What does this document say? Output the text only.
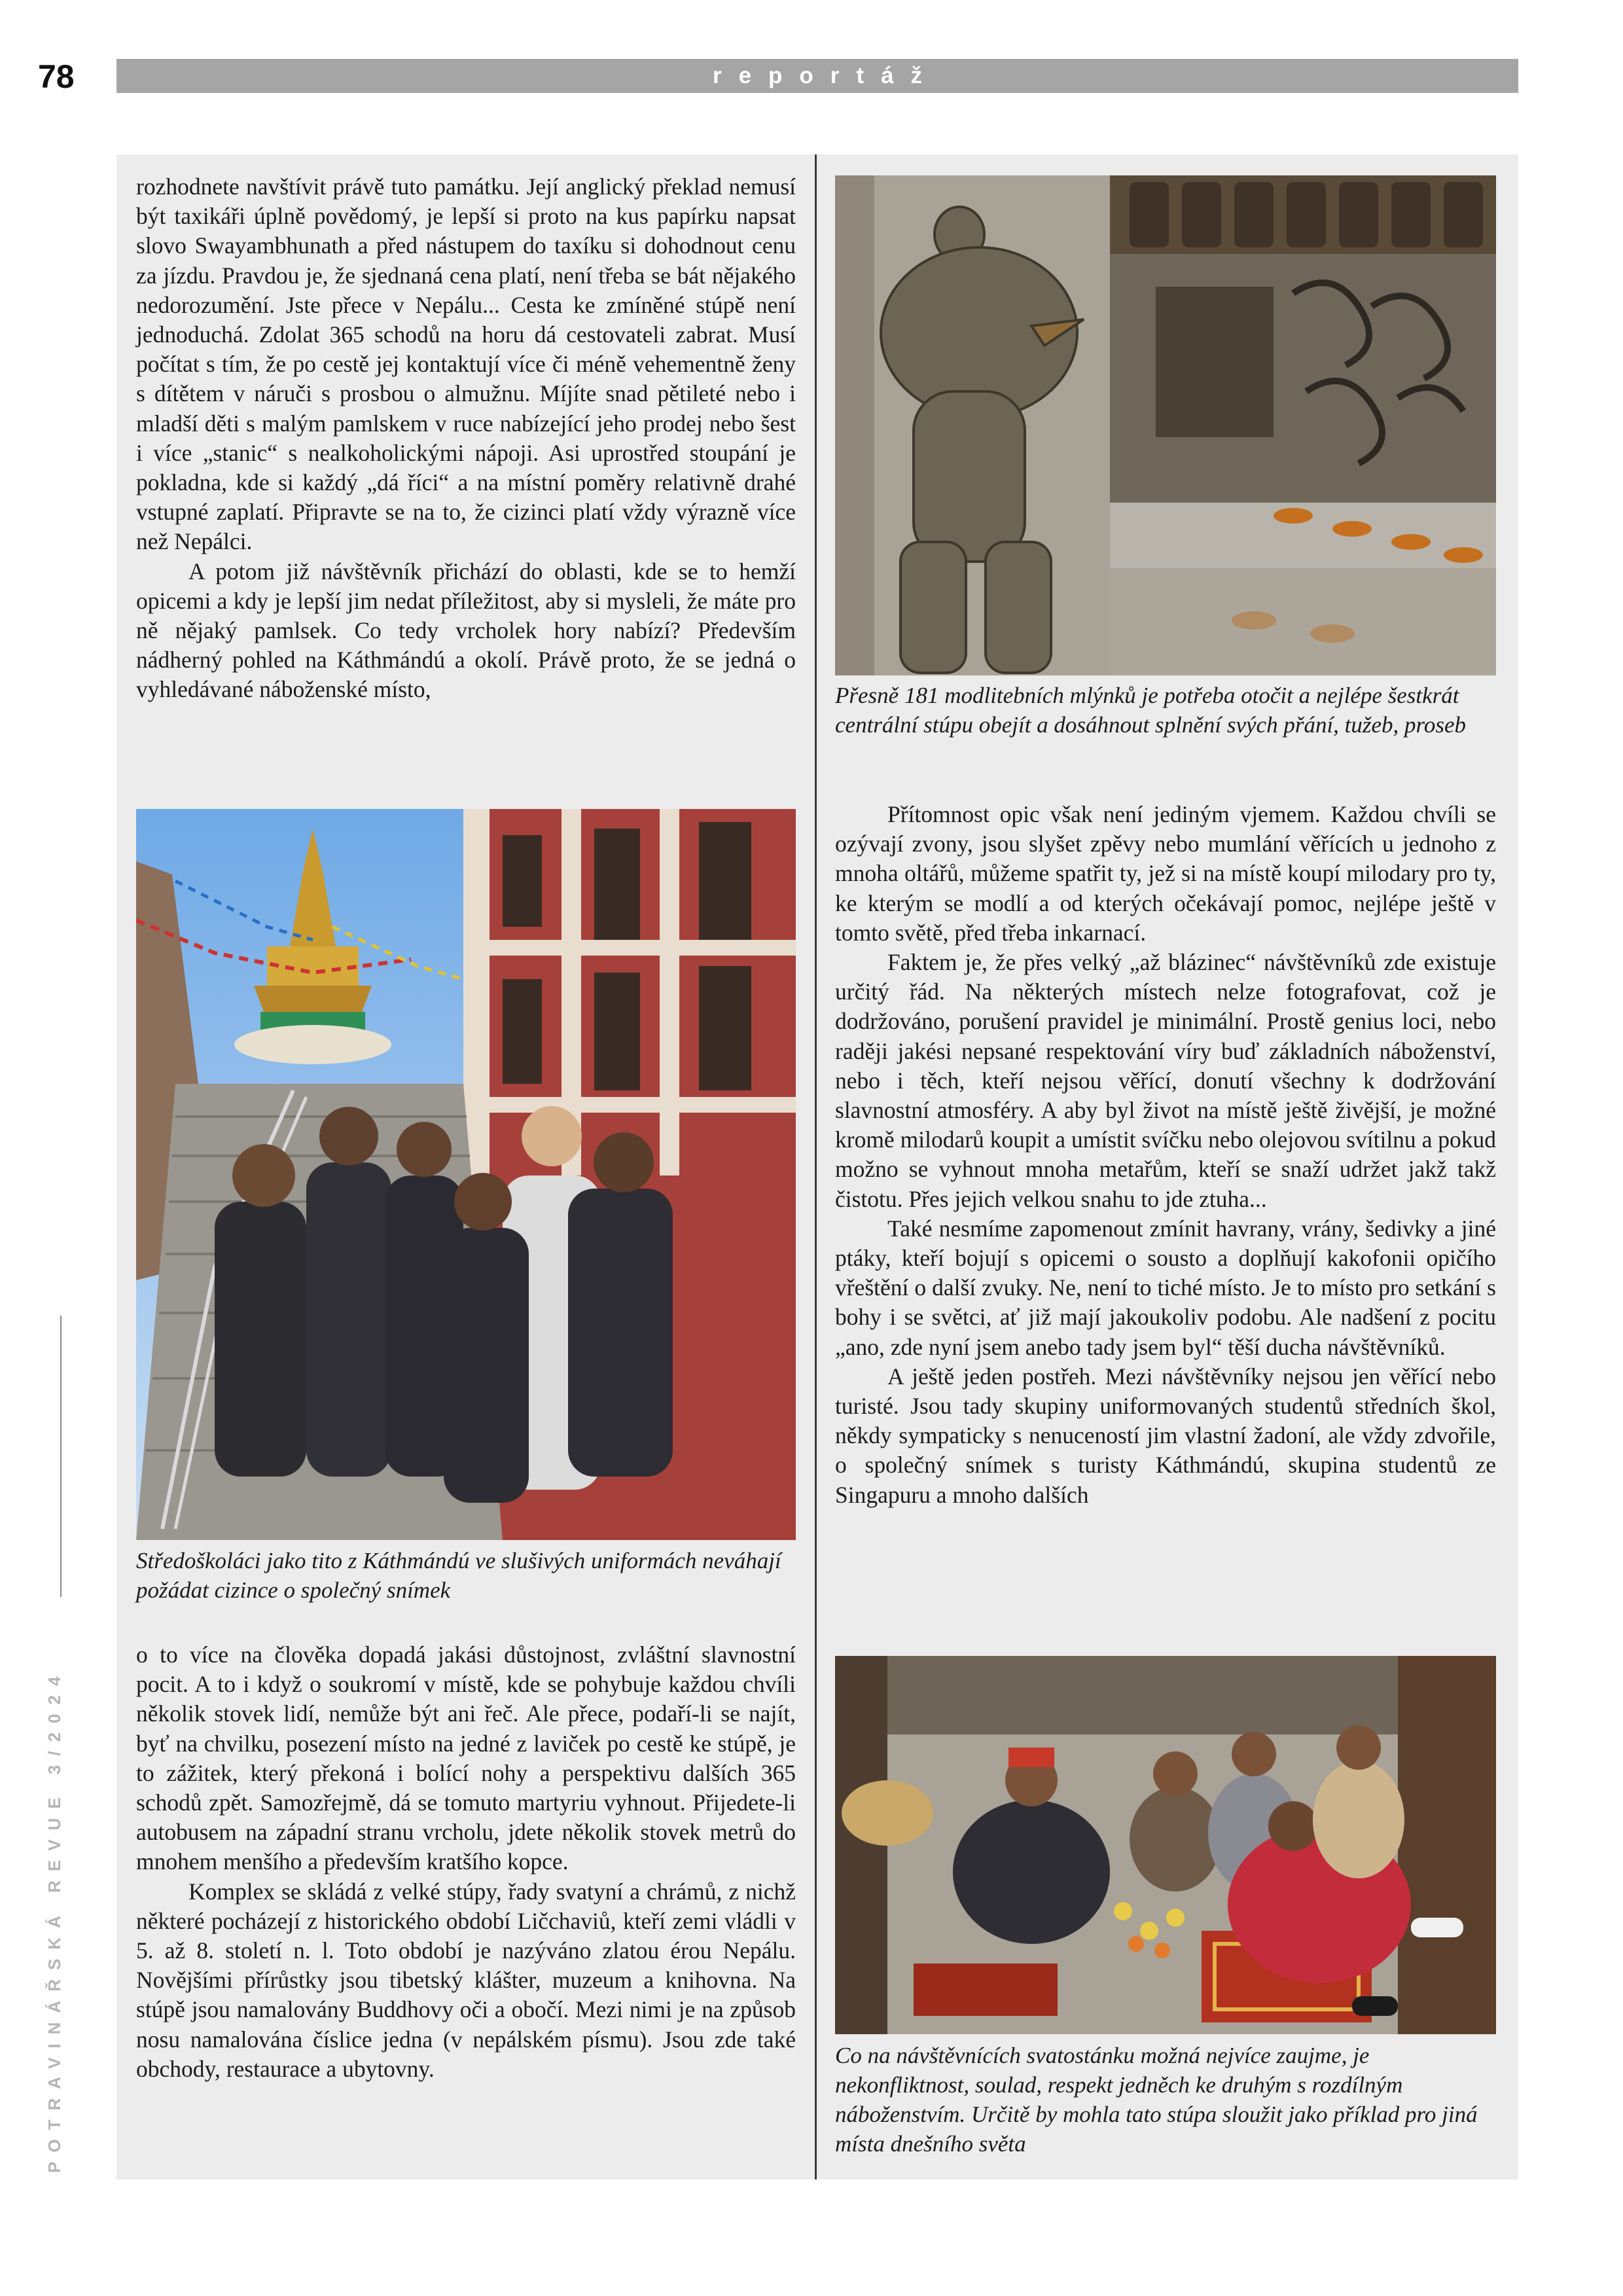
78	reportáž
POTRAVINÁŘSKÁ REVUE 3/2024

rozhodnete navštívit právě tuto památku. Její anglický překlad nemusí být taxikáři úplně povědomý, je lepší si proto na kus papírku napsat slovo Swayambhunath a před nástupem do taxíku si dohodnout cenu za jízdu. Pravdou je, že sjednaná cena platí, není třeba se bát nějakého nedorozumění. Jste přece v Nepálu... Cesta ke zmíněné stúpě není jednoduchá. Zdolat 365 schodů na horu dá cestovateli zabrat. Musí počítat s tím, že po cestě jej kontaktují více či méně vehementně ženy s dítětem v náruči s prosbou o almužnu. Míjíte snad pětileté nebo i mladší děti s malým pamlskem v ruce nabízející jeho prodej nebo šest i více „stanic“ s nealkoholickými nápoji. Asi uprostřed stoupání je pokladna, kde si každý „dá říci“ a na místní poměry relativně drahé vstupné zaplatí. Připravte se na to, že cizinci platí vždy výrazně více než Nepálci.

A potom již návštěvník přichází do oblasti, kde se to hemží opicemi a kdy je lepší jim nedat příležitost, aby si mysleli, že máte pro ně nějaký pamlsek. Co tedy vrcholek hory nabízí? Především nádherný pohled na Káthmándú a okolí. Právě proto, že se jedná o vyhledávané náboženské místo,

Středoškoláci jako tito z Káthmándú ve slušivých uniformách neváhají požádat cizince o společný snímek

o to více na člověka dopadá jakási důstojnost, zvláštní slavnostní pocit. A to i když o soukromí v místě, kde se pohybuje každou chvíli několik stovek lidí, nemůže být ani řeč. Ale přece, podaří-li se najít, byť na chvilku, posezení místo na jedné z laviček po cestě ke stúpě, je to zážitek, který překoná i bolící nohy a perspektivu dalších 365 schodů zpět. Samozřejmě, dá se tomuto martyriu vyhnout. Přijedete-li autobusem na západní stranu vrcholu, jdete několik stovek metrů do mnohem menšího a především kratšího kopce.

Komplex se skládá z velké stúpy, řady svatyní a chrámů, z nichž některé pocházejí z historického období Ličchaviů, kteří zemi vládli v 5. až 8. století n. l. Toto období je nazýváno zlatou érou Nepálu. Novějšími přírůstky jsou tibetský klášter, muzeum a knihovna. Na stúpě jsou namalovány Buddhovy oči a obočí. Mezi nimi je na způsob nosu namalována číslice jedna (v nepálském písmu). Jsou zde také obchody, restaurace a ubytovny.

Přesně 181 modlitebních mlýnků je potřeba otočit a nejlépe šestkrát centrální stúpu obejít a dosáhnout splnění svých přání, tužeb, proseb

Přítomnost opic však není jediným vjemem. Každou chvíli se ozývají zvony, jsou slyšet zpěvy nebo mumlání věřících u jednoho z mnoha oltářů, můžeme spatřit ty, jež si na místě koupí milodary pro ty, ke kterým se modlí a od kterých očekávají pomoc, nejlépe ještě v tomto světě, před třeba inkarnací.

Faktem je, že přes velký „až blázinec“ návštěvníků zde existuje určitý řád. Na některých místech nelze fotografovat, což je dodržováno, porušení pravidel je minimální. Prostě genius loci, nebo raději jakési nepsané respektování víry buď základních náboženství, nebo i těch, kteří nejsou věřící, donutí všechny k dodržování slavnostní atmosféry. A aby byl život na místě ještě živější, je možné kromě milodarů koupit a umístit svíčku nebo olejovou svítilnu a pokud možno se vyhnout mnoha metařům, kteří se snaží udržet jakž takž čistotu. Přes jejich velkou snahu to jde ztuha...

Také nesmíme zapomenout zmínit havrany, vrány, šedivky a jiné ptáky, kteří bojují s opicemi o sousto a doplňují kakofonii opičího vřeštění o další zvuky. Ne, není to tiché místo. Je to místo pro setkání s bohy i se světci, ať již mají jakoukoliv podobu. Ale nadšení z pocitu „ano, zde nyní jsem anebo tady jsem byl“ těší ducha návštěvníků.

A ještě jeden postřeh. Mezi návštěvníky nejsou jen věřící nebo turisté. Jsou tady skupiny uniformovaných studentů středních škol, někdy sympaticky s nenuceností jim vlastní žadoní, ale vždy zdvořile, o společný snímek s turisty Káthmándú, skupina studentů ze Singapuru a mnoho dalších

Co na návštěvnících svatostánku možná nejvíce zaujme, je nekonfliktnost, soulad, respekt jedněch ke druhým s rozdílným náboženstvím. Určitě by mohla tato stúpa sloužit jako příklad pro jiná místa dnešního světa
